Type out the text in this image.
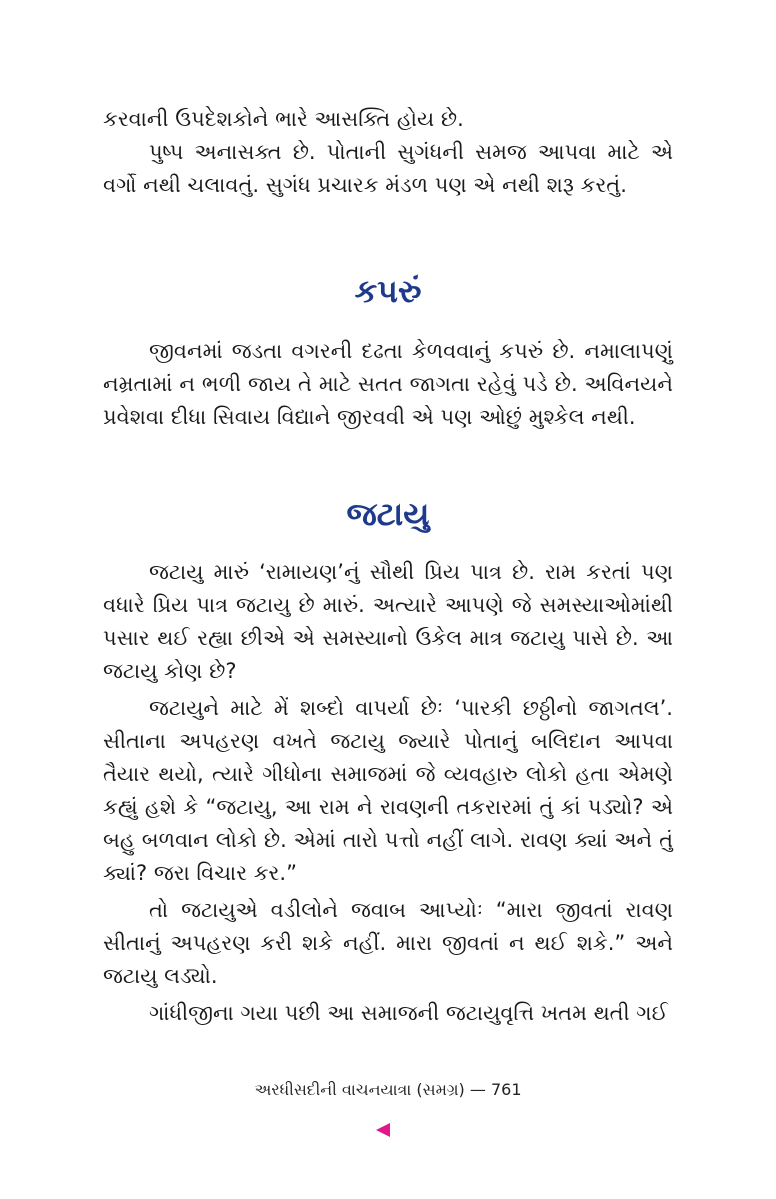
કરવાની ઉપદેશકોને ભારે આસક્તિ હોય છે.

પુષ્પ અનાસક્ત છે. પોતાની સુગંધની સમજ આપવા માટે એ વર્ગો નથી ચલાવતું. સુગંધ પ્રચારક મંડળ પણ એ નથી શરૂ કરતું.

કપરું

જીવનમાં જડતા વગરની દઢતા કેળવવાનું કપરું છે. નમાલાપણું નમ્રતામાં ન ભળી જાય તે માટે સતત જાગતા રહેવું પડે છે. અવિનયને પ્રવેશવા દીધા સિવાય વિદ્યાને જીરવવી એ પણ ઓછું મુશ્કેલ નથી.

જટાયુ

જટાયુ મારું ‘રામાયણ’નું સૌથી પ્રિય પાત્ર છે. રામ કરતાં પણ વધારે પ્રિય પાત્ર જટાયુ છે મારું. અત્યારે આપણે જે સમસ્યાઓમાંથી પસાર થઈ રહ્યા છીએ એ સમસ્યાનો ઉકેલ માત્ર જટાયુ પાસે છે. આ જટાયુ કોણ છે?

જટાયુને માટે મેં શબ્દો વાપર્યા છેઃ ‘પારકી છઠ્ઠીનો જાગતલ’. સીતાના અપહરણ વખતે જટાયુ જ્યારે પોતાનું બલિદાન આપવા તૈયાર થયો, ત્યારે ગીધોના સમાજમાં જે વ્યવહારુ લોકો હતા એમણે કહ્યું હશે કે “જટાયુ, આ રામ ને રાવણની તકરારમાં તું કાં પડ્યો? એ બહુ બળવાન લોકો છે. એમાં તારો પત્તો નહીં લાગે. રાવણ ક્યાં અને તું ક્યાં? જરા વિચાર કર.”

તો જટાયુએ વડીલોને જવાબ આપ્યોઃ “મારા જીવતાં રાવણ સીતાનું અપહરણ કરી શકે નહીં. મારા જીવતાં ન થઈ શકે.” અને જટાયુ લડ્યો.

ગાંધીજીના ગયા પછી આ સમાજની જટાયુવૃત્તિ ખતમ થતી ગઈ

અરધીસદીની વાચનયાત્રા (સમગ્ર) — 761
